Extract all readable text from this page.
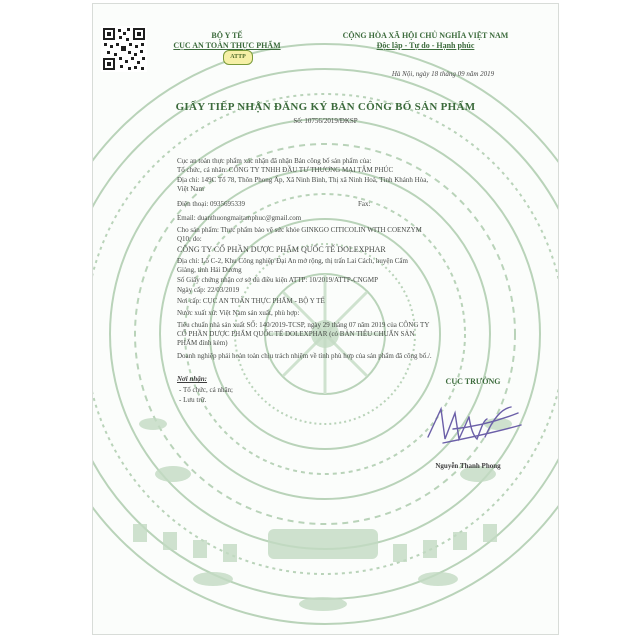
BỘ Y TẾ
CỤC AN TOÀN THỰC PHẨM
ATTP
CỘNG HÒA XÃ HỘI CHỦ NGHĨA VIỆT NAM
Độc lập - Tự do - Hạnh phúc
Hà Nội, ngày 18 tháng 09 năm 2019
GIẤY TIẾP NHẬN ĐĂNG KÝ BẢN CÔNG BỐ SẢN PHẨM
Số: 10756/2019/ĐKSP
Cục an toàn thực phẩm xác nhận đã nhận Bản công bố sản phẩm của:
Tổ chức, cá nhân: CÔNG TY TNHH ĐẦU TƯ THƯƠNG MẠI TÂM PHÚC
Địa chỉ: 149C Tổ 78, Thôn Phong Ấp, Xã Ninh Bình, Thị xã Ninh Hoà, Tỉnh Khánh Hòa,
Việt Nam
Điện thoại: 0935695339	Fax:
Email: duanthuongmaitamphuc@gmail.com
Cho sản phẩm: Thực phẩm bảo vệ sức khỏe GINKGO CITICOLIN WITH COENZYM
Q10; do:
CÔNG TY CỔ PHẦN DƯỢC PHẨM QUỐC TẾ DOLEXPHAR
Địa chỉ: Lô C-2, Khu Công nghiệp Đại An mở rộng, thị trấn Lai Cách, huyện Cẩm
Giàng, tỉnh Hải Dương
Số Giấy chứng nhận cơ sở đủ điều kiện ATTP: 10/2019/ATTP-CNGMP
Ngày cấp: 22/03/2019
Nơi cấp: CỤC AN TOÀN THỰC PHẨM - BỘ Y TẾ
Nước xuất xứ: Việt Nam sản xuất, phù hợp:
Tiêu chuẩn nhà sản xuất SỐ: 140/2019-TCSP, ngày 29 tháng 07 năm 2019 của CÔNG TY
CỔ PHẦN DƯỢC PHẨM QUỐC TẾ DOLEXPHAR (có BẢN TIÊU CHUẨN SẢN
PHẨM đính kèm)
Doanh nghiệp phải hoàn toàn chịu trách nhiệm về tính phù hợp của sản phẩm đã công bố./.
Nơi nhận:
- Tổ chức, cá nhân;
- Lưu trữ.
CỤC TRƯỞNG
Nguyễn Thanh Phong
